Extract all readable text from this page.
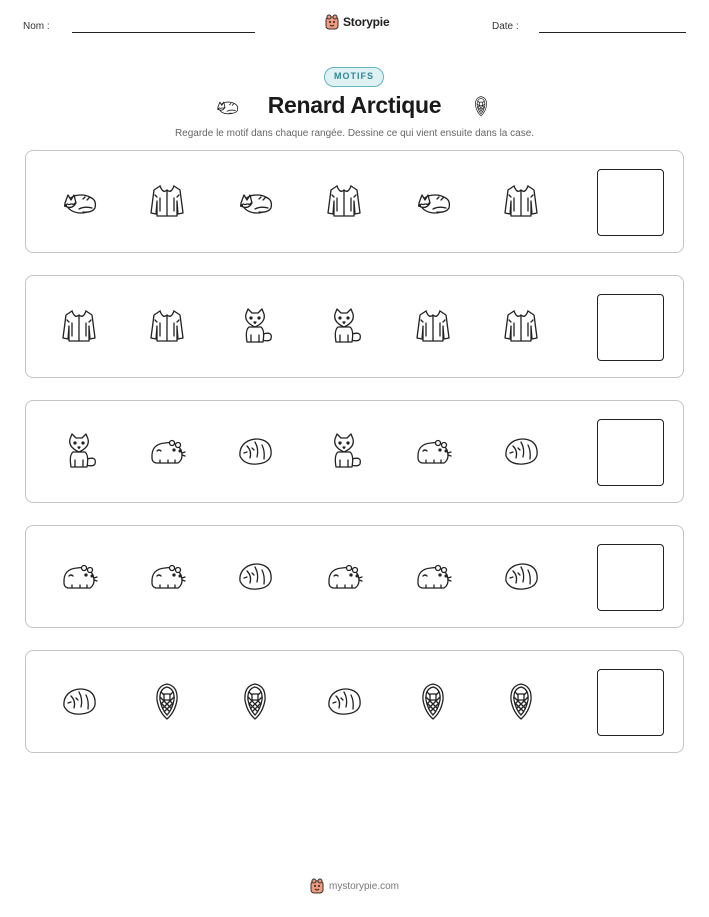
Nom :	Storypie	Date :
MOTIFS
Renard Arctique
Regarde le motif dans chaque rangée. Dessine ce qui vient ensuite dans la case.
mystorypie.com
